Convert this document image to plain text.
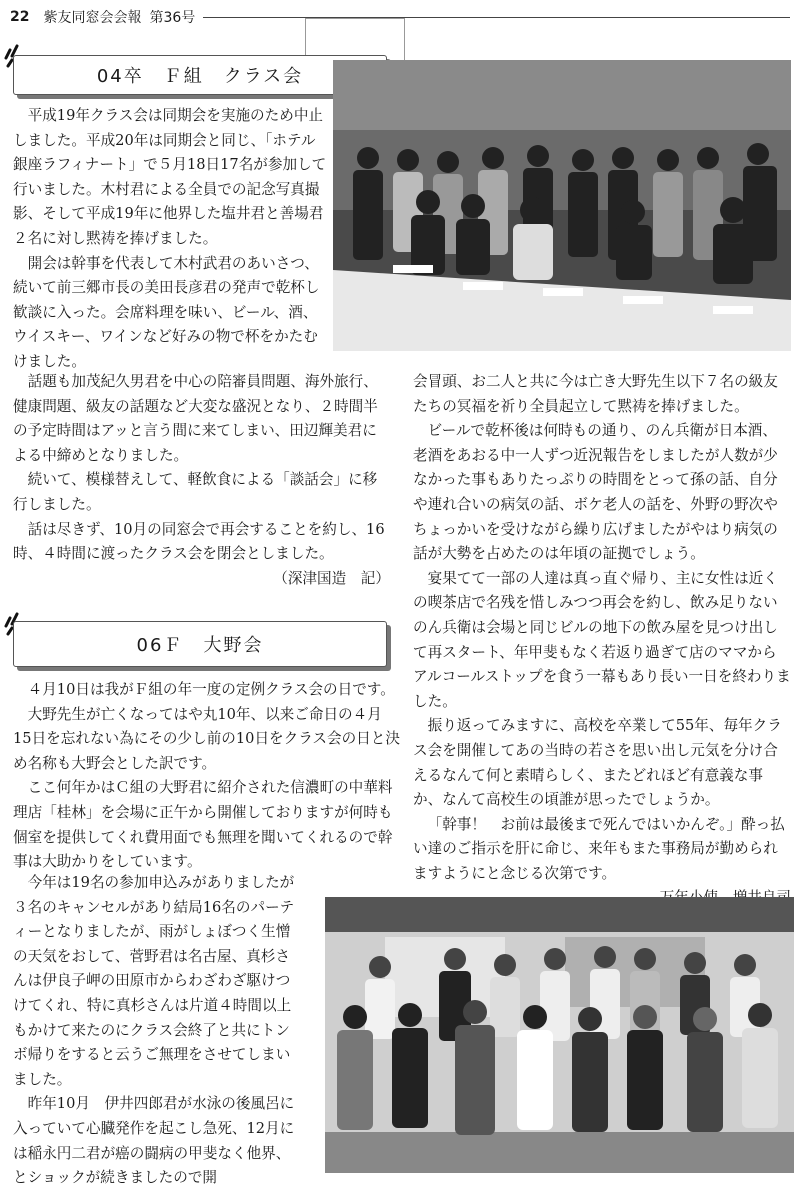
22 紫友同窓会会報 第36号
04卒　Ｆ組　クラス会

平成19年クラス会は同期会を実施のため中止しました。平成20年は同期会と同じ、「ホテル銀座ラフィナート」で５月18日17名が参加して行いました。木村君による全員での記念写真撮影、そして平成19年に他界した塩井君と善場君２名に対し黙祷を捧げました。

開会は幹事を代表して木村武君のあいさつ、続いて前三郷市長の美田長彦君の発声で乾杯し歓談に入った。会席料理を味い、ビール、酒、ウイスキー、ワインなど好みの物で杯をかたむけました。

話題も加茂紀久男君を中心の陪審員問題、海外旅行、健康問題、級友の話題など大変な盛況となり、２時間半の予定時間はアッと言う間に来てしまい、田辺輝美君による中締めとなりました。

続いて、模様替えして、軽飲食による「談話会」に移行しました。

話は尽きず、10月の同窓会で再会することを約し、16時、４時間に渡ったクラス会を閉会としました。

（深津国造　記）

06Ｆ　大野会

４月10日は我がＦ組の年一度の定例クラス会の日です。

大野先生が亡くなってはや丸10年、以来ご命日の４月15日を忘れない為にその少し前の10日をクラス会の日と決め名称も大野会とした訳です。

ここ何年かはＣ組の大野君に紹介された信濃町の中華料理店「桂林」を会場に正午から開催しておりますが何時も個室を提供してくれ費用面でも無理を聞いてくれるので幹事は大助かりをしています。

今年は19名の参加申込みがありましたが３名のキャンセルがあり結局16名のパーティーとなりましたが、雨がしょぼつく生憎の天気をおして、菅野君は名古屋、真杉さんは伊良子岬の田原市からわざわざ駆けつけてくれ、特に真杉さんは片道４時間以上もかけて来たのにクラス会終了と共にトンボ帰りをすると云うご無理をさせてしまいました。

昨年10月　伊井四郎君が水泳の後風呂に入っていて心臓発作を起こし急死、12月には稲永円二君が癌の闘病の甲斐なく他界、とショックが続きましたので開

会冒頭、お二人と共に今は亡き大野先生以下７名の級友たちの冥福を祈り全員起立して黙祷を捧げました。

ビールで乾杯後は何時もの通り、のん兵衛が日本酒、老酒をあおる中一人ずつ近況報告をしましたが人数が少なかった事もありたっぷりの時間をとって孫の話、自分や連れ合いの病気の話、ボケ老人の話を、外野の野次やちょっかいを受けながら繰り広げましたがやはり病気の話が大勢を占めたのは年頃の証拠でしょう。

宴果てて一部の人達は真っ直ぐ帰り、主に女性は近くの喫茶店で名残を惜しみつつ再会を約し、飲み足りないのん兵衛は会場と同じビルの地下の飲み屋を見つけ出して再スタート、年甲斐もなく若返り過ぎて店のママからアルコールストップを食う一幕もあり長い一日を終わりました。

振り返ってみますに、高校を卒業して55年、毎年クラス会を開催してあの当時の若さを思い出し元気を分け合えるなんて何と素晴らしく、またどれほど有意義な事か、なんて高校生の頃誰が思ったでしょうか。

「幹事！　お前は最後まで死んではいかんぞ。」酔っ払い達のご指示を肝に命じ、来年もまた事務局が勤められますようにと念じる次第です。
